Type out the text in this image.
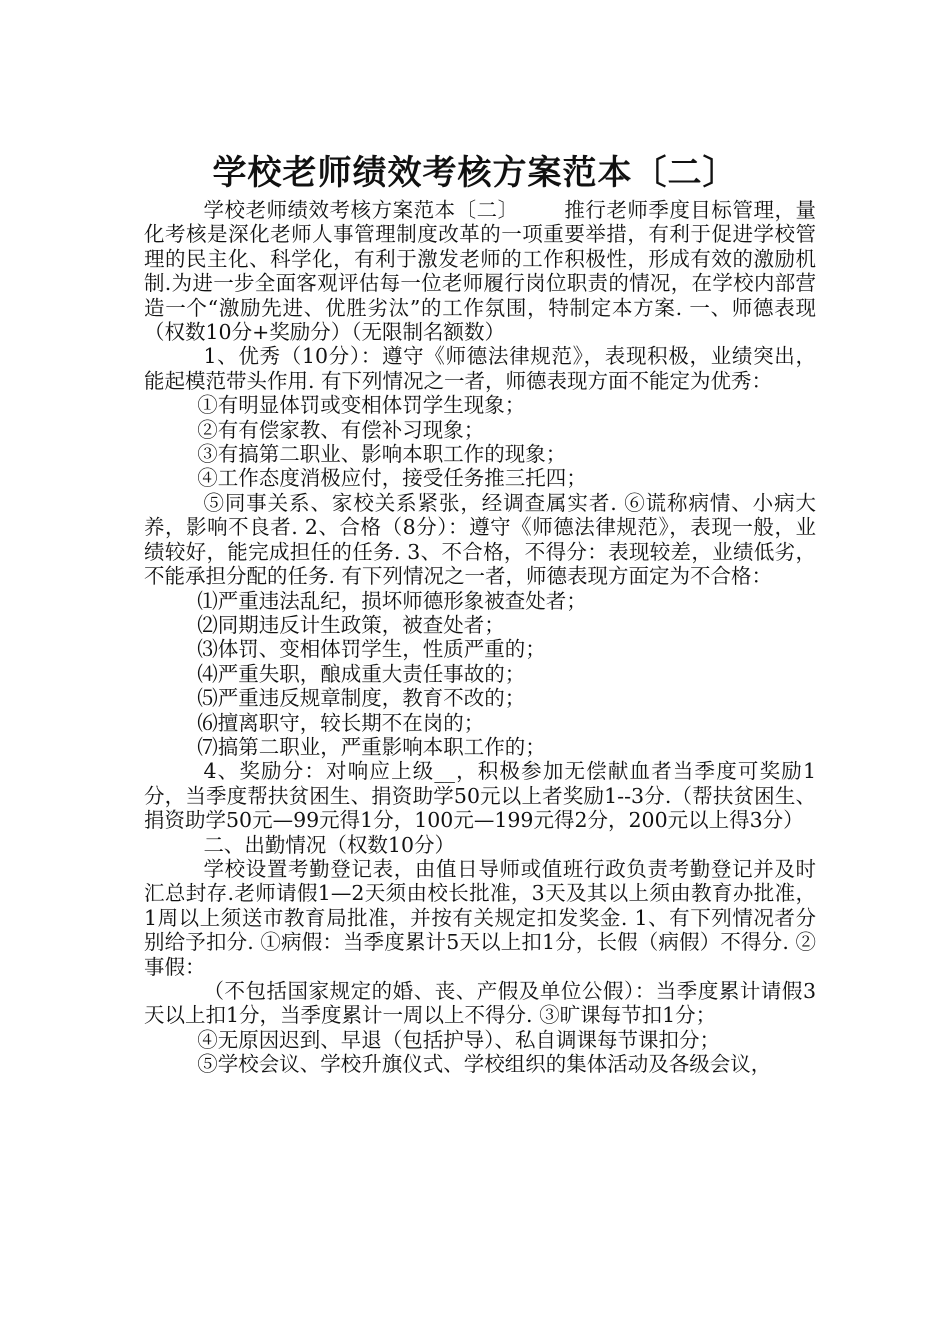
学校老师绩效考核方案范本〔二〕

学校老师绩效考核方案范本〔二〕 推行老师季度目标管理，量化考核是深化老师人事管理制度改革的一项重要举措，有利于促进学校管理的民主化、科学化，有利于激发老师的工作积极性，形成有效的激励机制.为进一步全面客观评估每一位老师履行岗位职责的情况，在学校内部营造一个“激励先进、优胜劣汰”的工作氛围，特制定本方案. 一、师德表现（权数10分+奖励分）（无限制名额数）

1、优秀（10分）：遵守《师德法律规范》，表现积极，业绩突出，能起模范带头作用. 有下列情况之一者，师德表现方面不能定为优秀：

①有明显体罚或变相体罚学生现象；

②有有偿家教、有偿补习现象；

③有搞第二职业、影响本职工作的现象；

④工作态度消极应付，接受任务推三托四；

⑤同事关系、家校关系紧张，经调查属实者. ⑥谎称病情、小病大养，影响不良者. 2、合格（8分）：遵守《师德法律规范》，表现一般，业绩较好，能完成担任的任务. 3、不合格，不得分：表现较差，业绩低劣，不能承担分配的任务. 有下列情况之一者，师德表现方面定为不合格：

⑴严重违法乱纪，损坏师德形象被查处者；

⑵同期违反计生政策，被查处者；

⑶体罚、变相体罚学生，性质严重的；

⑷严重失职，酿成重大责任事故的；

⑸严重违反规章制度，教育不改的；

⑹擅离职守，较长期不在岗的；

⑺搞第二职业，严重影响本职工作的；

4、奖励分：对响应上级__，积极参加无偿献血者当季度可奖励1分，当季度帮扶贫困生、捐资助学50元以上者奖励1--3分.（帮扶贫困生、捐资助学50元—99元得1分，100元—199元得2分，200元以上得3分）

二、出勤情况（权数10分）

学校设置考勤登记表，由值日导师或值班行政负责考勤登记并及时汇总封存.老师请假1—2天须由校长批准，3天及其以上须由教育办批准，1周以上须送市教育局批准，并按有关规定扣发奖金. 1、有下列情况者分别给予扣分. ①病假：当季度累计5天以上扣1分，长假（病假）不得分. ②事假：

（不包括国家规定的婚、丧、产假及单位公假）：当季度累计请假3天以上扣1分，当季度累计一周以上不得分. ③旷课每节扣1分；

④无原因迟到、早退（包括护导）、私自调课每节课扣分；

⑤学校会议、学校升旗仪式、学校组织的集体活动及各级会议，
